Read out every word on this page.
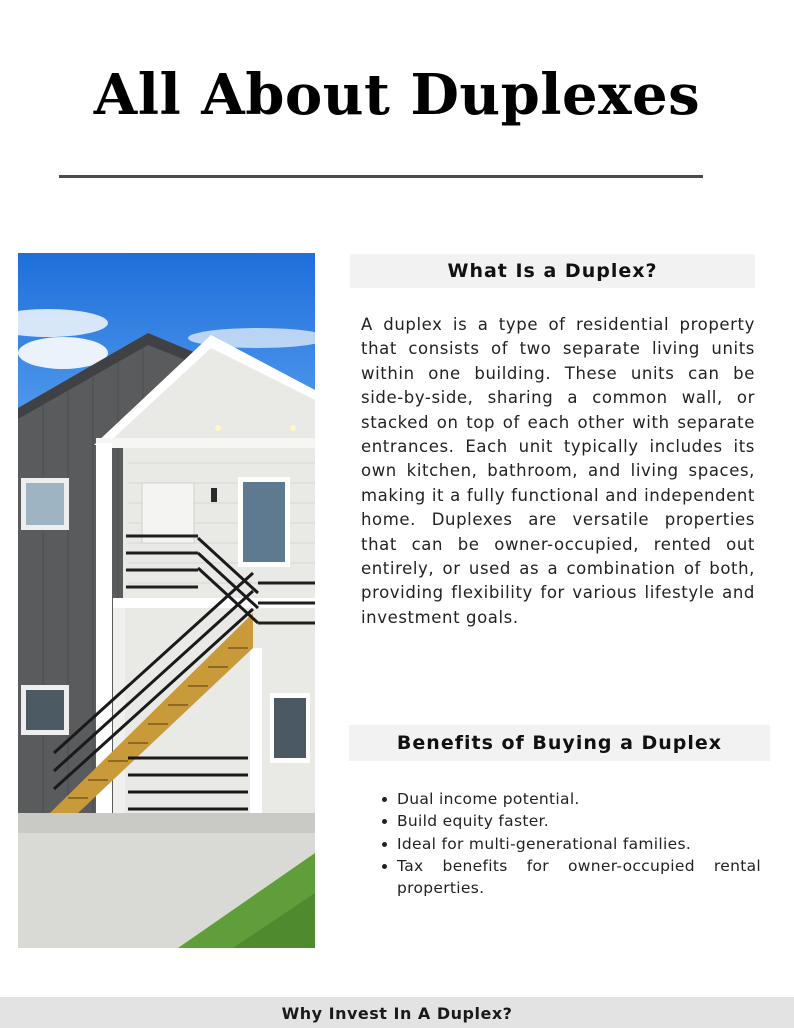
All About Duplexes
What Is a Duplex?

A duplex is a type of residential property that consists of two separate living units within one building. These units can be side-by-side, sharing a common wall, or stacked on top of each other with separate entrances. Each unit typically includes its own kitchen, bathroom, and living spaces, making it a fully functional and independent home. Duplexes are versatile properties that can be owner-occupied, rented out entirely, or used as a combination of both, providing flexibility for various lifestyle and investment goals.

Benefits of Buying a Duplex
Dual income potential.
Build equity faster.
Ideal for multi-generational families.
Tax benefits for owner-occupied rental properties.
Why Invest In A Duplex?
